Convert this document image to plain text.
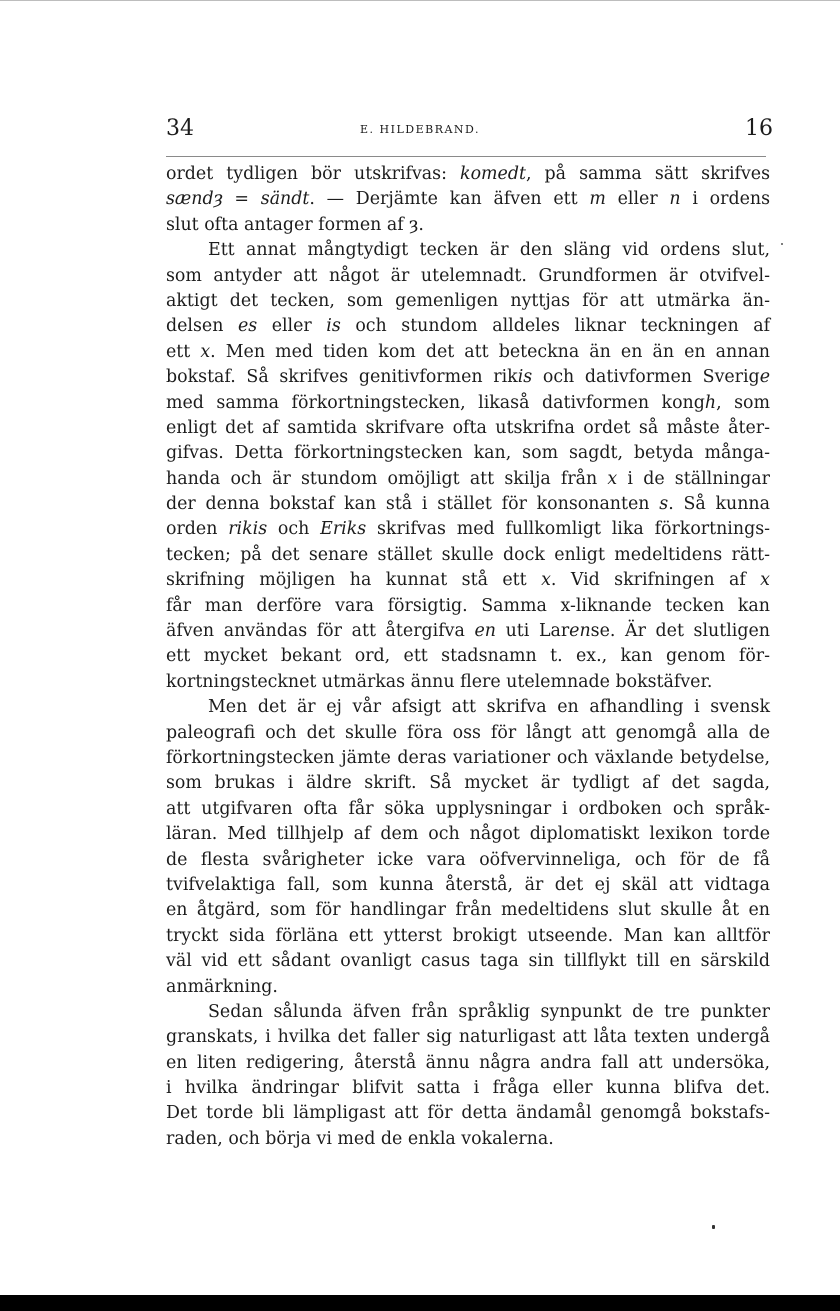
34	E. HILDEBRAND.	16
ordet tydligen bör utskrifvas: komedt, på samma sätt skrifves
sændȝ = sändt. — Derjämte kan äfven ett m eller n i ordens
slut ofta antager formen af ȝ.
Ett annat mångtydigt tecken är den släng vid ordens slut,
som antyder att något är utelemnadt. Grundformen är otvifvel-
aktigt det tecken, som gemenligen nyttjas för att utmärka än-
delsen es eller is och stundom alldeles liknar teckningen af
ett x. Men med tiden kom det att beteckna än en än en annan
bokstaf. Så skrifves genitivformen rikis och dativformen Sverige
med samma förkortningstecken, likaså dativformen kongh, som
enligt det af samtida skrifvare ofta utskrifna ordet så måste åter-
gifvas. Detta förkortningstecken kan, som sagdt, betyda många-
handa och är stundom omöjligt att skilja från x i de ställningar
der denna bokstaf kan stå i stället för konsonanten s. Så kunna
orden rikis och Eriks skrifvas med fullkomligt lika förkortnings-
tecken; på det senare stället skulle dock enligt medeltidens rätt-
skrifning möjligen ha kunnat stå ett x. Vid skrifningen af x
får man derföre vara försigtig. Samma x-liknande tecken kan
äfven användas för att återgifva en uti Larense. Är det slutligen
ett mycket bekant ord, ett stadsnamn t. ex., kan genom för-
kortningstecknet utmärkas ännu flere utelemnade bokstäfver.
Men det är ej vår afsigt att skrifva en afhandling i svensk
paleografi och det skulle föra oss för långt att genomgå alla de
förkortningstecken jämte deras variationer och växlande betydelse,
som brukas i äldre skrift. Så mycket är tydligt af det sagda,
att utgifvaren ofta får söka upplysningar i ordboken och språk-
läran. Med tillhjelp af dem och något diplomatiskt lexikon torde
de flesta svårigheter icke vara oöfvervinneliga, och för de få
tvifvelaktiga fall, som kunna återstå, är det ej skäl att vidtaga
en åtgärd, som för handlingar från medeltidens slut skulle åt en
tryckt sida förläna ett ytterst brokigt utseende. Man kan alltför
väl vid ett sådant ovanligt casus taga sin tillflykt till en särskild
anmärkning.
Sedan sålunda äfven från språklig synpunkt de tre punkter
granskats, i hvilka det faller sig naturligast att låta texten undergå
en liten redigering, återstå ännu några andra fall att undersöka,
i hvilka ändringar blifvit satta i fråga eller kunna blifva det.
Det torde bli lämpligast att för detta ändamål genomgå bokstafs-
raden, och börja vi med de enkla vokalerna.
